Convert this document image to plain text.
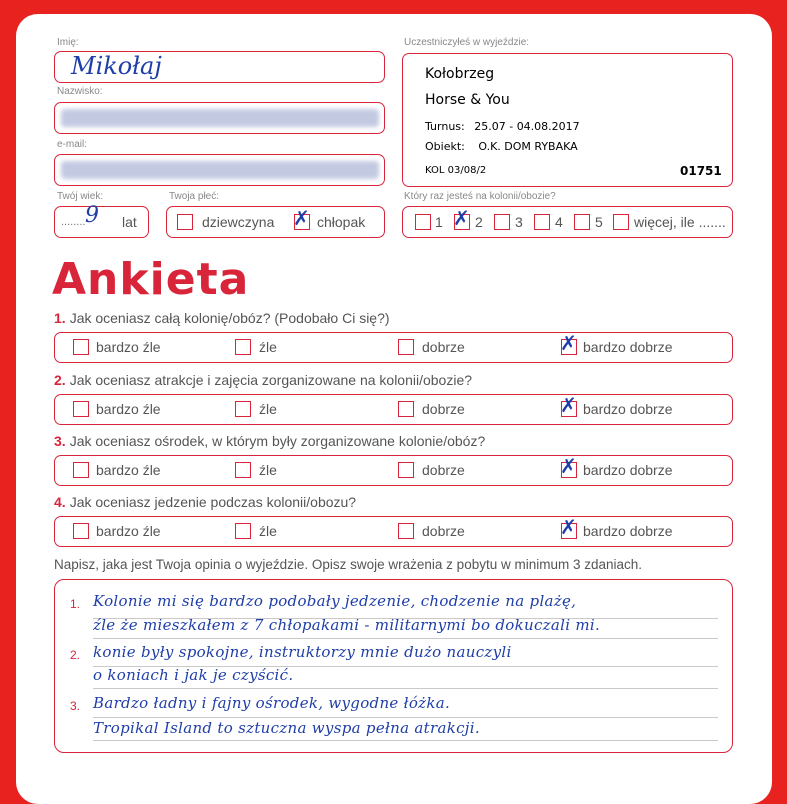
Imię:
Mikołaj
Nazwisko:
e-mail:
Twój wiek:
........ 9 lat
Twoja płeć:
dziewczyna ✗ chłopak
Uczestniczyłeś w wyjeździe:
Kołobrzeg
Horse & You
Turnus: 25.07 - 04.08.2017
Obiekt: O.K. DOM RYBAKA
KOL 03/08/2	01751
Który raz jesteś na kolonii/obozie?
1 ✗ 2 3 4 5 więcej, ile .......
Ankieta
1. Jak oceniasz całą kolonię/obóz? (Podobało Ci się?)
bardzo źle	źle	dobrze	✗ bardzo dobrze
2. Jak oceniasz atrakcje i zajęcia zorganizowane na kolonii/obozie?
bardzo źle	źle	dobrze	✗ bardzo dobrze
3. Jak oceniasz ośrodek, w którym były zorganizowane kolonie/obóz?
bardzo źle	źle	dobrze	✗ bardzo dobrze
4. Jak oceniasz jedzenie podczas kolonii/obozu?
bardzo źle	źle	dobrze	✗ bardzo dobrze
Napisz, jaka jest Twoja opinia o wyjeździe. Opisz swoje wrażenia z pobytu w minimum 3 zdaniach.
1.
2.
3.
Kolonie mi się bardzo podobały jedzenie, chodzenie na plażę,
źle że mieszkałem z 7 chłopakami - militarnymi bo dokuczali mi.
konie były spokojne, instruktorzy mnie dużo nauczyli
o koniach i jak je czyścić.
Bardzo ładny i fajny ośrodek, wygodne łóżka.
Tropikal Island to sztuczna wyspa pełna atrakcji.
